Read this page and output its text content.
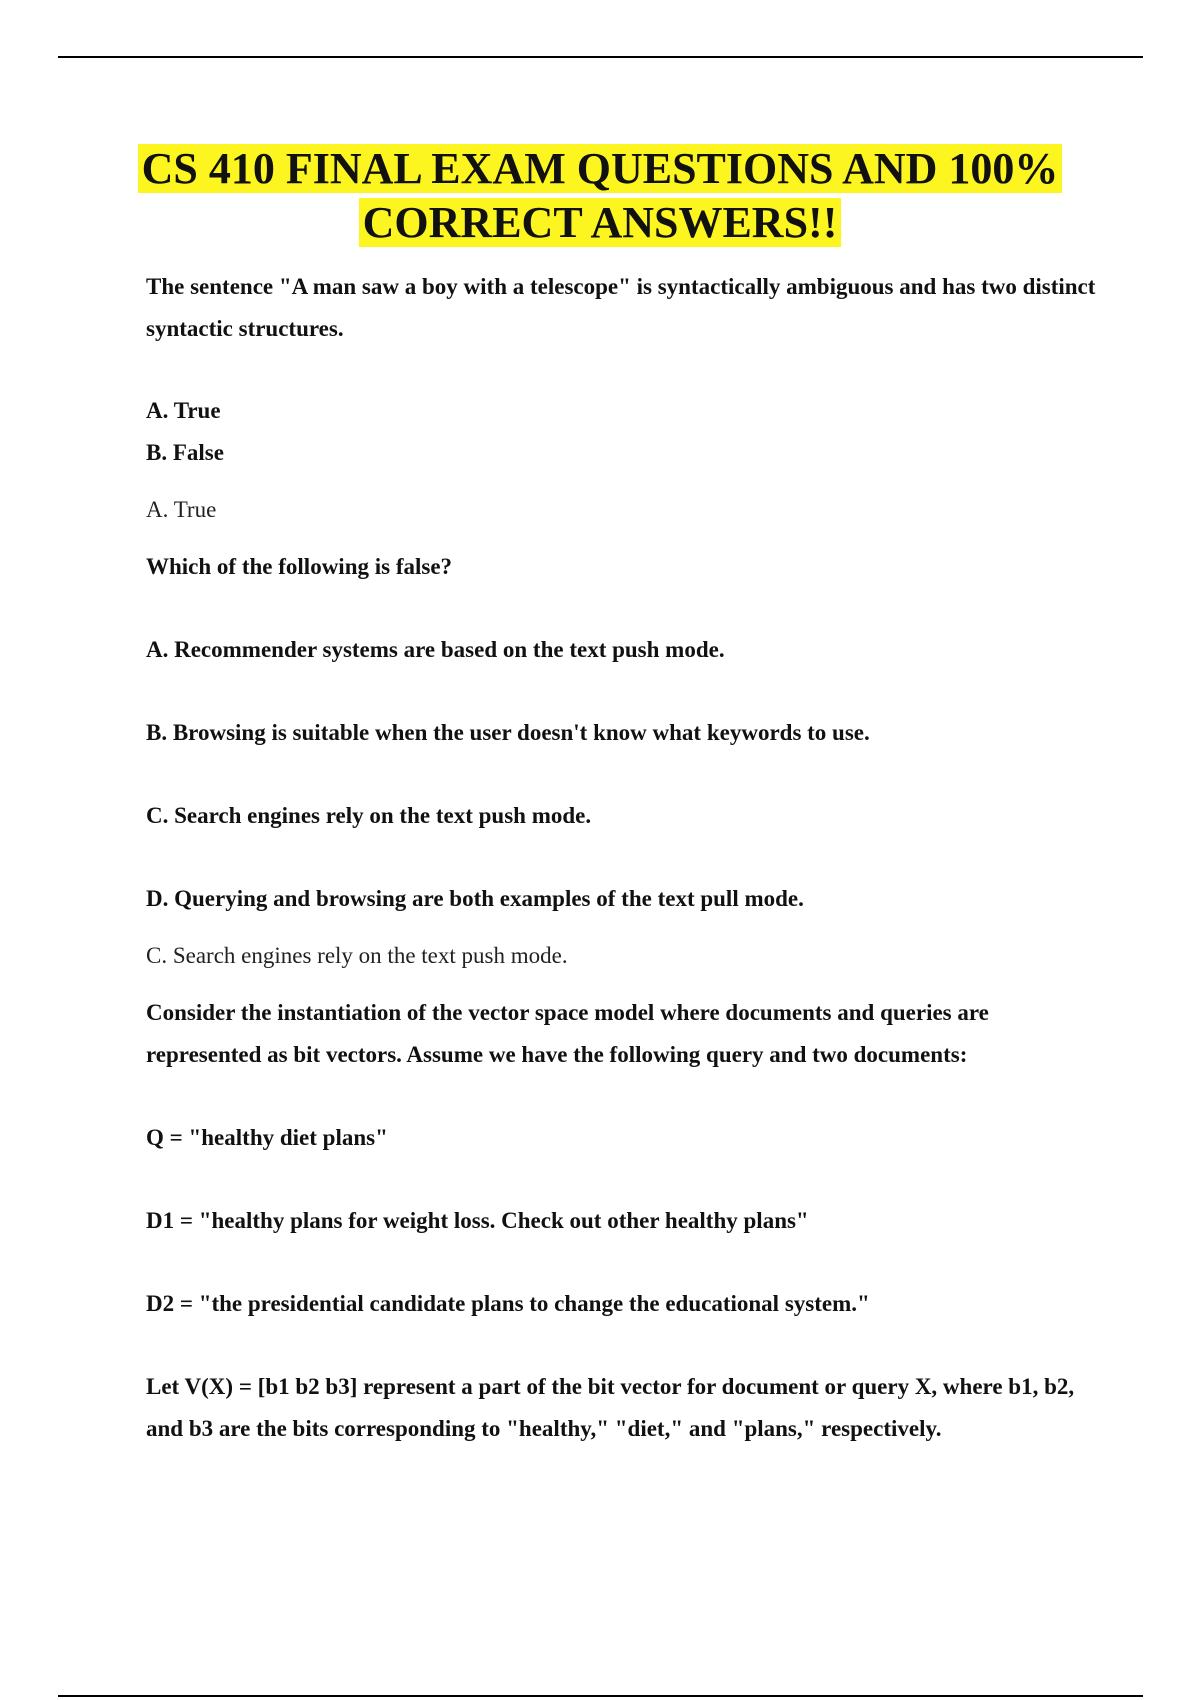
CS 410 FINAL EXAM QUESTIONS AND 100%
CORRECT ANSWERS!!

The sentence "A man saw a boy with a telescope" is syntactically ambiguous and has two distinct syntactic structures.

A. True

B. False

A. True

Which of the following is false?

A. Recommender systems are based on the text push mode.

B. Browsing is suitable when the user doesn't know what keywords to use.

C. Search engines rely on the text push mode.

D. Querying and browsing are both examples of the text pull mode.

C. Search engines rely on the text push mode.

Consider the instantiation of the vector space model where documents and queries are represented as bit vectors. Assume we have the following query and two documents:

Q = "healthy diet plans"

D1 = "healthy plans for weight loss. Check out other healthy plans"

D2 = "the presidential candidate plans to change the educational system."

Let V(X) = [b1 b2 b3] represent a part of the bit vector for document or query X, where b1, b2, and b3 are the bits corresponding to "healthy," "diet," and "plans," respectively.
